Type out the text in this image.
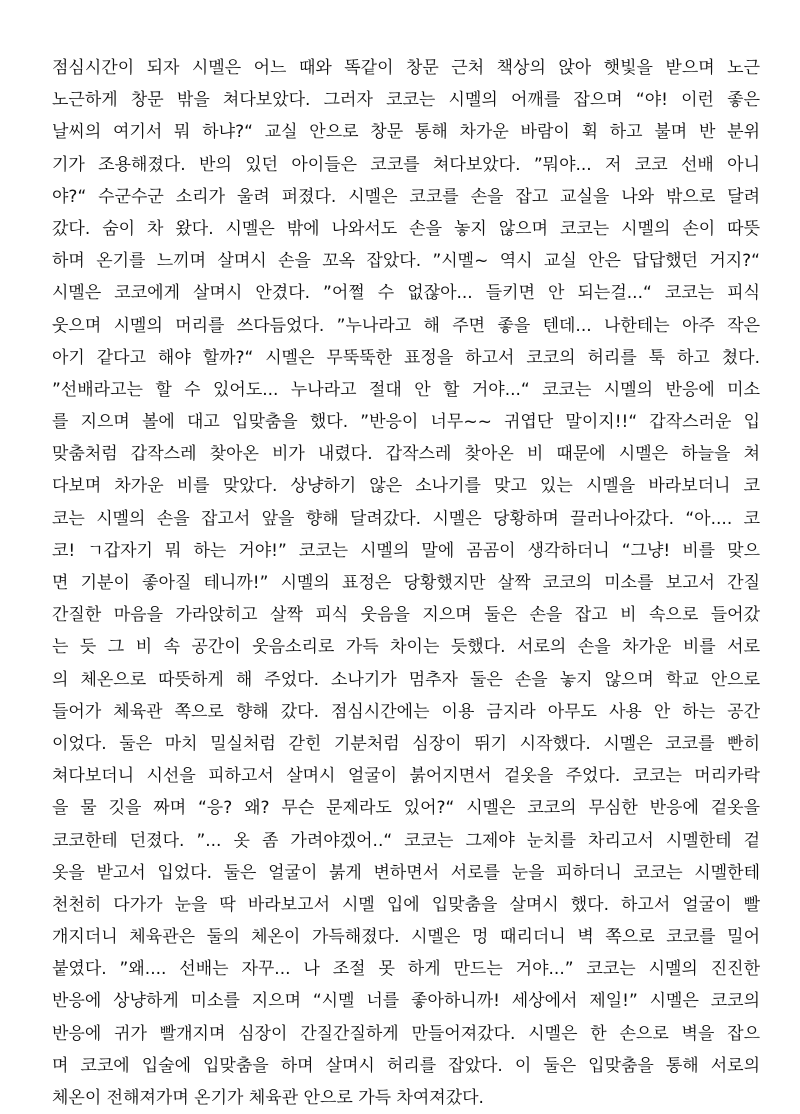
점심시간이 되자 시멜은 어느 때와 똑같이 창문 근처 책상의 앉아 햇빛을 받으며 노근
노근하게 창문 밖을 쳐다보았다. 그러자 코코는 시멜의 어깨를 잡으며 “야! 이런 좋은
날씨의 여기서 뭐 하냐?“ 교실 안으로 창문 통해 차가운 바람이 휙 하고 불며 반 분위
기가 조용해졌다. 반의 있던 아이들은 코코를 쳐다보았다. ”뭐야... 저 코코 선배 아니
야?“ 수군수군 소리가 울려 퍼졌다. 시멜은 코코를 손을 잡고 교실을 나와 밖으로 달려
갔다. 숨이 차 왔다. 시멜은 밖에 나와서도 손을 놓지 않으며 코코는 시멜의 손이 따뜻
하며 온기를 느끼며 살며시 손을 꼬옥 잡았다. ”시멜~ 역시 교실 안은 답답했던 거지?“
시멜은 코코에게 살며시 안겼다. ”어쩔 수 없잖아... 들키면 안 되는걸...“ 코코는 피식
웃으며 시멜의 머리를 쓰다듬었다. ”누나라고 해 주면 좋을 텐데... 나한테는 아주 작은
아기 같다고 해야 할까?“ 시멜은 무뚝뚝한 표정을 하고서 코코의 허리를 툭 하고 쳤다.
”선배라고는 할 수 있어도... 누나라고 절대 안 할 거야...“ 코코는 시멜의 반응에 미소
를 지으며 볼에 대고 입맞춤을 했다. ”반응이 너무~~ 귀엽단 말이지!!“ 갑작스러운 입
맞춤처럼 갑작스레 찾아온 비가 내렸다. 갑작스레 찾아온 비 때문에 시멜은 하늘을 쳐
다보며 차가운 비를 맞았다. 상냥하기 않은 소나기를 맞고 있는 시멜을 바라보더니 코
코는 시멜의 손을 잡고서 앞을 향해 달려갔다. 시멜은 당황하며 끌러나아갔다. “아.... 코
코! ㄱ갑자기 뭐 하는 거야!” 코코는 시멜의 말에 곰곰이 생각하더니 “그냥! 비를 맞으
면 기분이 좋아질 테니까!” 시멜의 표정은 당황했지만 살짝 코코의 미소를 보고서 간질
간질한 마음을 가라앉히고 살짝 피식 웃음을 지으며 둘은 손을 잡고 비 속으로 들어갔
는 듯 그 비 속 공간이 웃음소리로 가득 차이는 듯했다. 서로의 손을 차가운 비를 서로
의 체온으로 따뜻하게 해 주었다. 소나기가 멈추자 둘은 손을 놓지 않으며 학교 안으로
들어가 체육관 쪽으로 향해 갔다. 점심시간에는 이용 금지라 아무도 사용 안 하는 공간
이었다. 둘은 마치 밀실처럼 갇힌 기분처럼 심장이 뛰기 시작했다. 시멜은 코코를 빤히
쳐다보더니 시선을 피하고서 살며시 얼굴이 붉어지면서 겉옷을 주었다. 코코는 머리카락
을 물 깃을 짜며 “응? 왜? 무슨 문제라도 있어?“ 시멜은 코코의 무심한 반응에 겉옷을
코코한테 던졌다. ”... 옷 좀 가려야겠어..“ 코코는 그제야 눈치를 차리고서 시멜한테 겉
옷을 받고서 입었다. 둘은 얼굴이 붉게 변하면서 서로를 눈을 피하더니 코코는 시멜한테
천천히 다가가 눈을 딱 바라보고서 시멜 입에 입맞춤을 살며시 했다. 하고서 얼굴이 빨
개지더니 체육관은 둘의 체온이 가득해졌다. 시멜은 멍 때리더니 벽 쪽으로 코코를 밀어
붙였다. ”왜.... 선배는 자꾸... 나 조절 못 하게 만드는 거야...” 코코는 시멜의 진진한
반응에 상냥하게 미소를 지으며 “시멜 너를 좋아하니까! 세상에서 제일!” 시멜은 코코의
반응에 귀가 빨개지며 심장이 간질간질하게 만들어져갔다. 시멜은 한 손으로 벽을 잡으
며 코코에 입술에 입맞춤을 하며 살며시 허리를 잡았다. 이 둘은 입맞춤을 통해 서로의
체온이 전해져가며 온기가 체육관 안으로 가득 차여져갔다.
